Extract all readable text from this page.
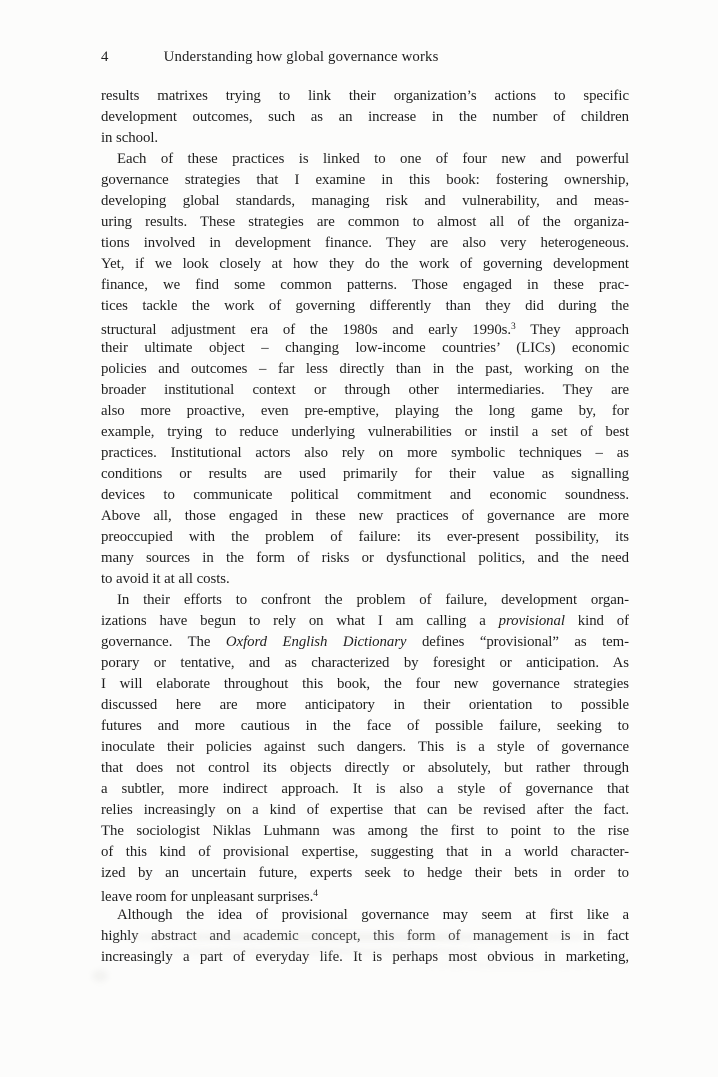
4	Understanding how global governance works
results matrixes trying to link their organization’s actions to specific
development outcomes, such as an increase in the number of children
in school.
Each of these practices is linked to one of four new and powerful
governance strategies that I examine in this book: fostering ownership,
developing global standards, managing risk and vulnerability, and meas-
uring results. These strategies are common to almost all of the organiza-
tions involved in development finance. They are also very heterogeneous.
Yet, if we look closely at how they do the work of governing development
finance, we find some common patterns. Those engaged in these prac-
tices tackle the work of governing differently than they did during the
structural adjustment era of the 1980s and early 1990s.$^3$ They approach
their ultimate object – changing low-income countries’ (LICs) economic
policies and outcomes – far less directly than in the past, working on the
broader institutional context or through other intermediaries. They are
also more proactive, even pre-emptive, playing the long game by, for
example, trying to reduce underlying vulnerabilities or instil a set of best
practices. Institutional actors also rely on more symbolic techniques – as
conditions or results are used primarily for their value as signalling
devices to communicate political commitment and economic soundness.
Above all, those engaged in these new practices of governance are more
preoccupied with the problem of failure: its ever-present possibility, its
many sources in the form of risks or dysfunctional politics, and the need
to avoid it at all costs.
In their efforts to confront the problem of failure, development organ-
izations have begun to rely on what I am calling a provisional kind of
governance. The Oxford English Dictionary defines “provisional” as tem-
porary or tentative, and as characterized by foresight or anticipation. As
I will elaborate throughout this book, the four new governance strategies
discussed here are more anticipatory in their orientation to possible
futures and more cautious in the face of possible failure, seeking to
inoculate their policies against such dangers. This is a style of governance
that does not control its objects directly or absolutely, but rather through
a subtler, more indirect approach. It is also a style of governance that
relies increasingly on a kind of expertise that can be revised after the fact.
The sociologist Niklas Luhmann was among the first to point to the rise
of this kind of provisional expertise, suggesting that in a world character-
ized by an uncertain future, experts seek to hedge their bets in order to
leave room for unpleasant surprises.$^4$
Although the idea of provisional governance may seem at first like a
highly abstract and academic concept, this form of management is in fact
increasingly a part of everyday life. It is perhaps most obvious in marketing,
